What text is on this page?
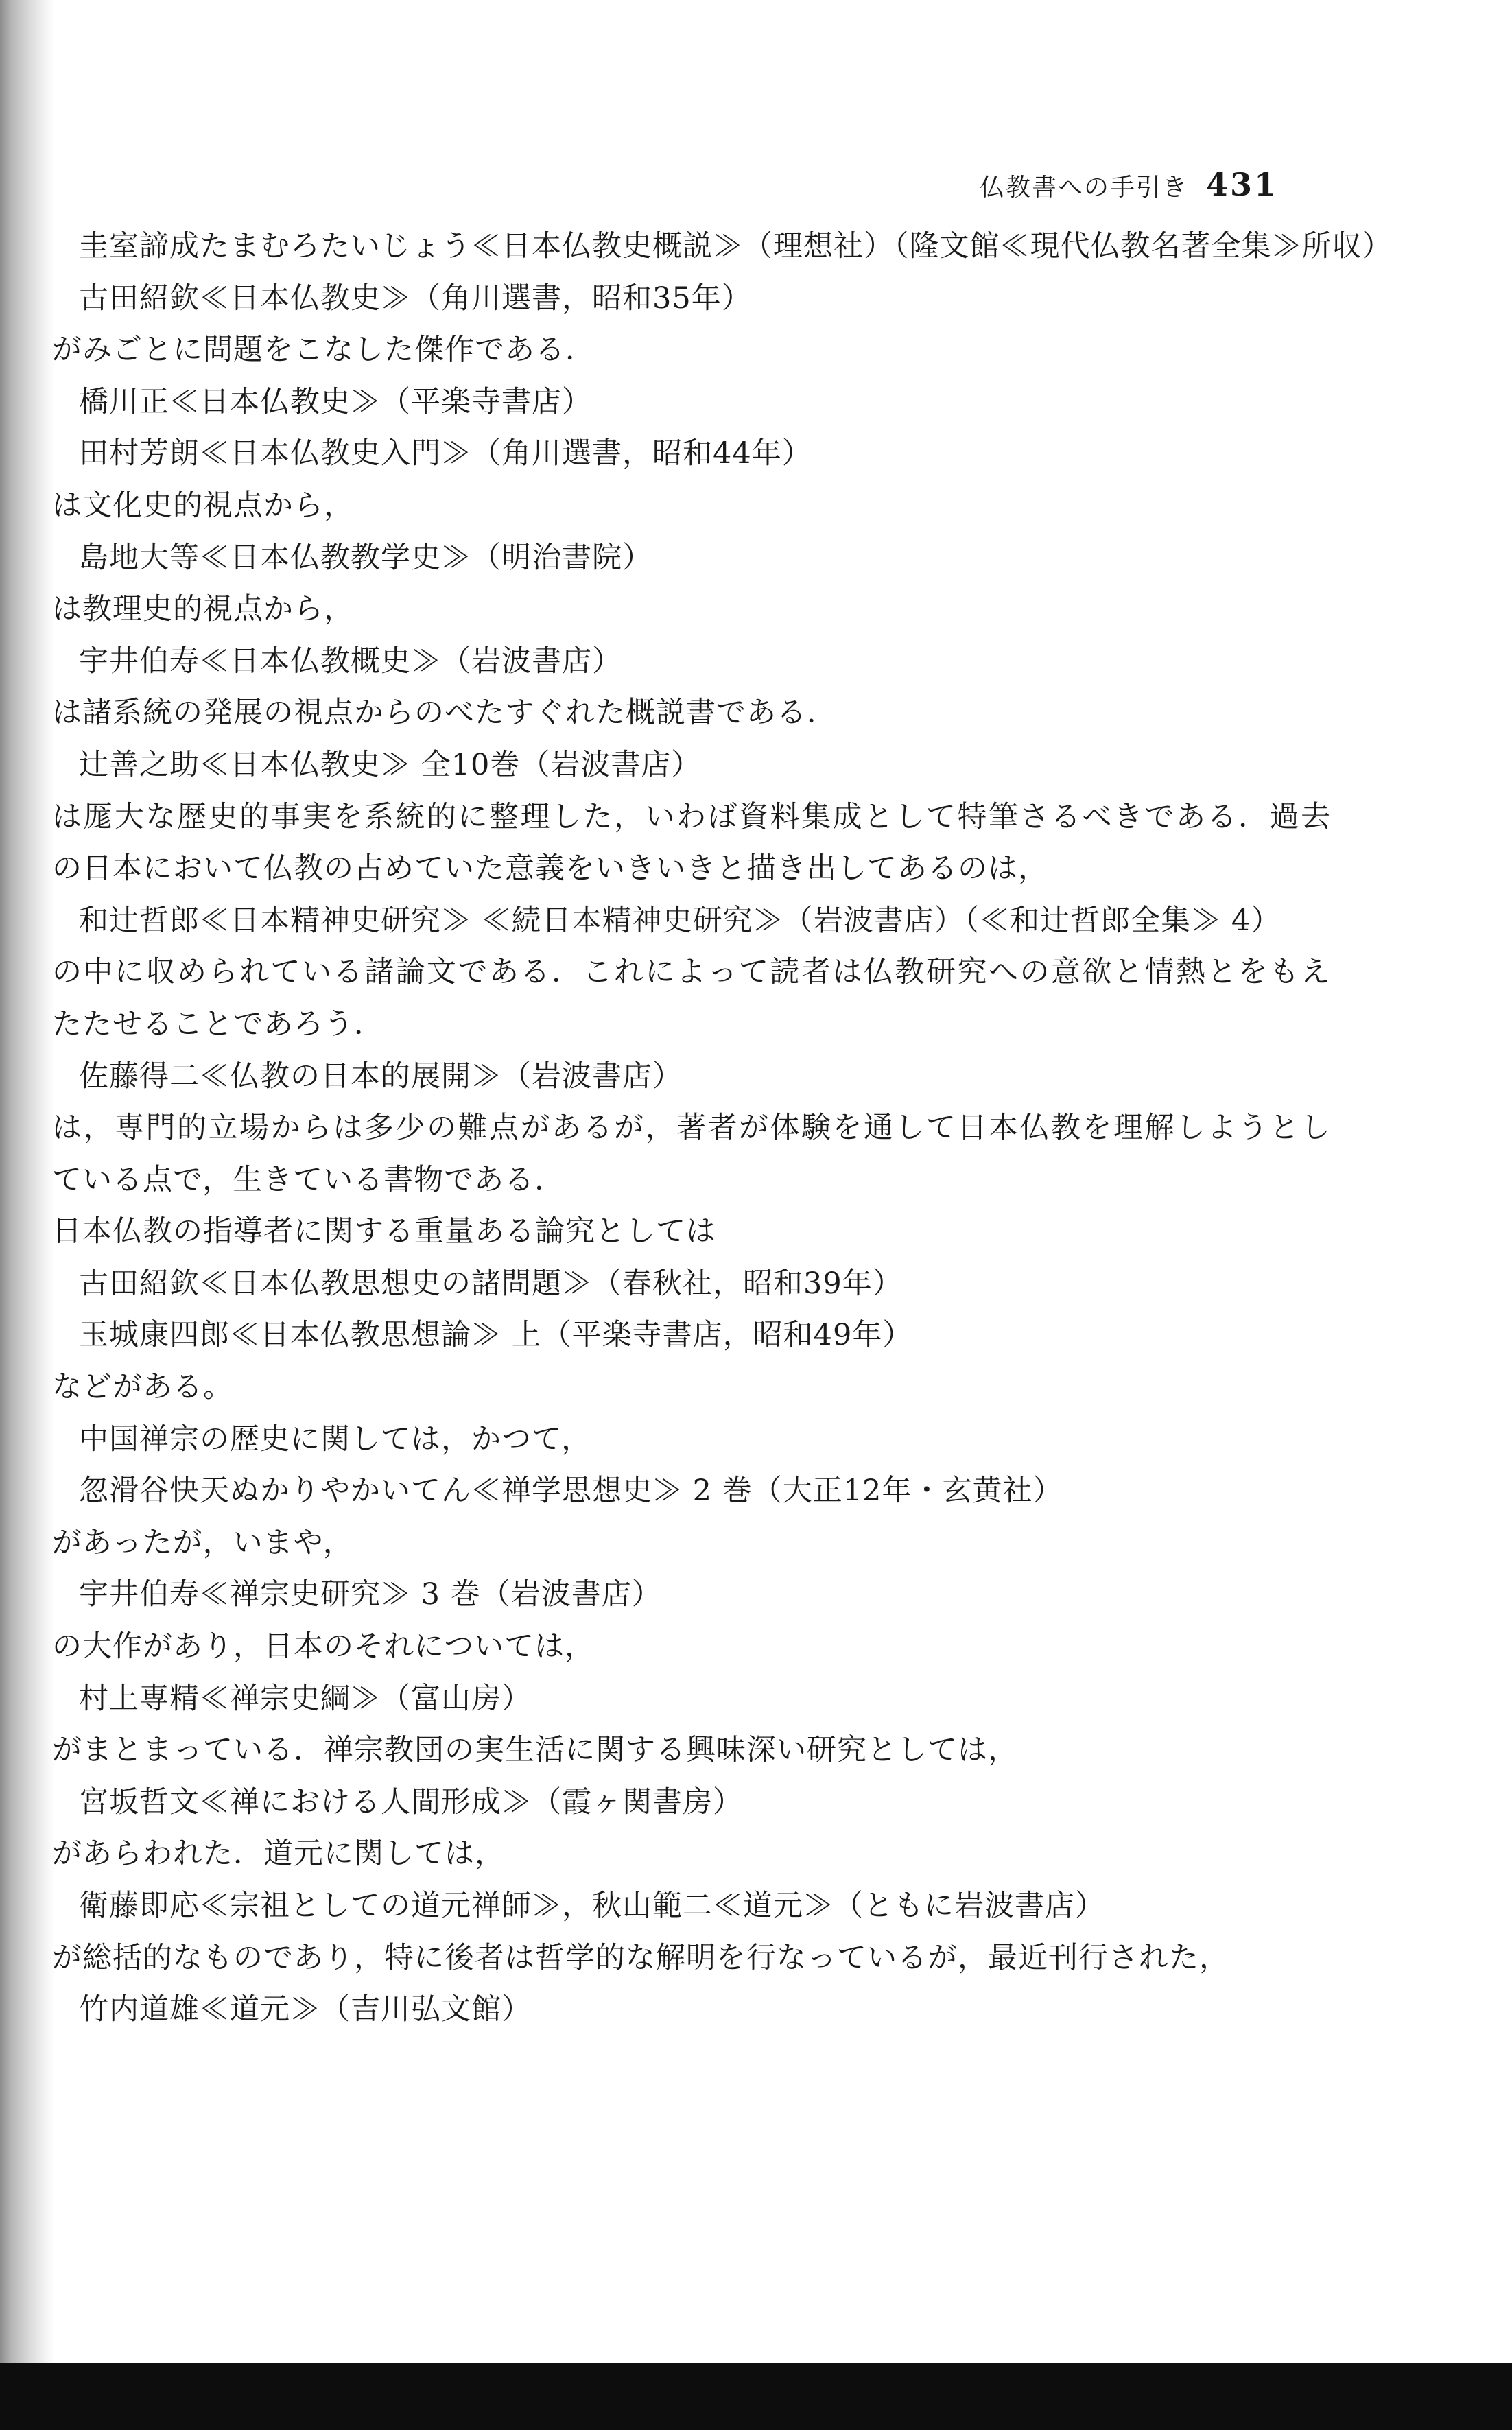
仏教書への手引き 431
圭室諦成たまむろたいじょう≪日本仏教史概説≫（理想社）（隆文館≪現代仏教名著全集≫所収）
古田紹欽≪日本仏教史≫（角川選書，昭和35年）
がみごとに問題をこなした傑作である．
橋川正≪日本仏教史≫（平楽寺書店）
田村芳朗≪日本仏教史入門≫（角川選書，昭和44年）
は文化史的視点から，
島地大等≪日本仏教教学史≫（明治書院）
は教理史的視点から，
宇井伯寿≪日本仏教概史≫（岩波書店）
は諸系統の発展の視点からのべたすぐれた概説書である．
辻善之助≪日本仏教史≫ 全10巻（岩波書店）
は厖大な歴史的事実を系統的に整理した，いわば資料集成として特筆さるべきである．過去
の日本において仏教の占めていた意義をいきいきと描き出してあるのは，
和辻哲郎≪日本精神史研究≫ ≪続日本精神史研究≫（岩波書店）（≪和辻哲郎全集≫ 4）
の中に収められている諸論文である．これによって読者は仏教研究への意欲と情熱とをもえ
たたせることであろう．
佐藤得二≪仏教の日本的展開≫（岩波書店）
は，専門的立場からは多少の難点があるが，著者が体験を通して日本仏教を理解しようとし
ている点で，生きている書物である．
日本仏教の指導者に関する重量ある論究としては
古田紹欽≪日本仏教思想史の諸問題≫（春秋社，昭和39年）
玉城康四郎≪日本仏教思想論≫ 上（平楽寺書店，昭和49年）
などがある。
中国禅宗の歴史に関しては，かつて，
忽滑谷快天ぬかりやかいてん≪禅学思想史≫ 2 巻（大正12年・玄黄社）
があったが，いまや，
宇井伯寿≪禅宗史研究≫ 3 巻（岩波書店）
の大作があり，日本のそれについては，
村上専精≪禅宗史綱≫（富山房）
がまとまっている．禅宗教団の実生活に関する興味深い研究としては，
宮坂哲文≪禅における人間形成≫（霞ヶ関書房）
があらわれた．道元に関しては，
衛藤即応≪宗祖としての道元禅師≫，秋山範二≪道元≫（ともに岩波書店）
が総括的なものであり，特に後者は哲学的な解明を行なっているが，最近刊行された，
竹内道雄≪道元≫（吉川弘文館）
